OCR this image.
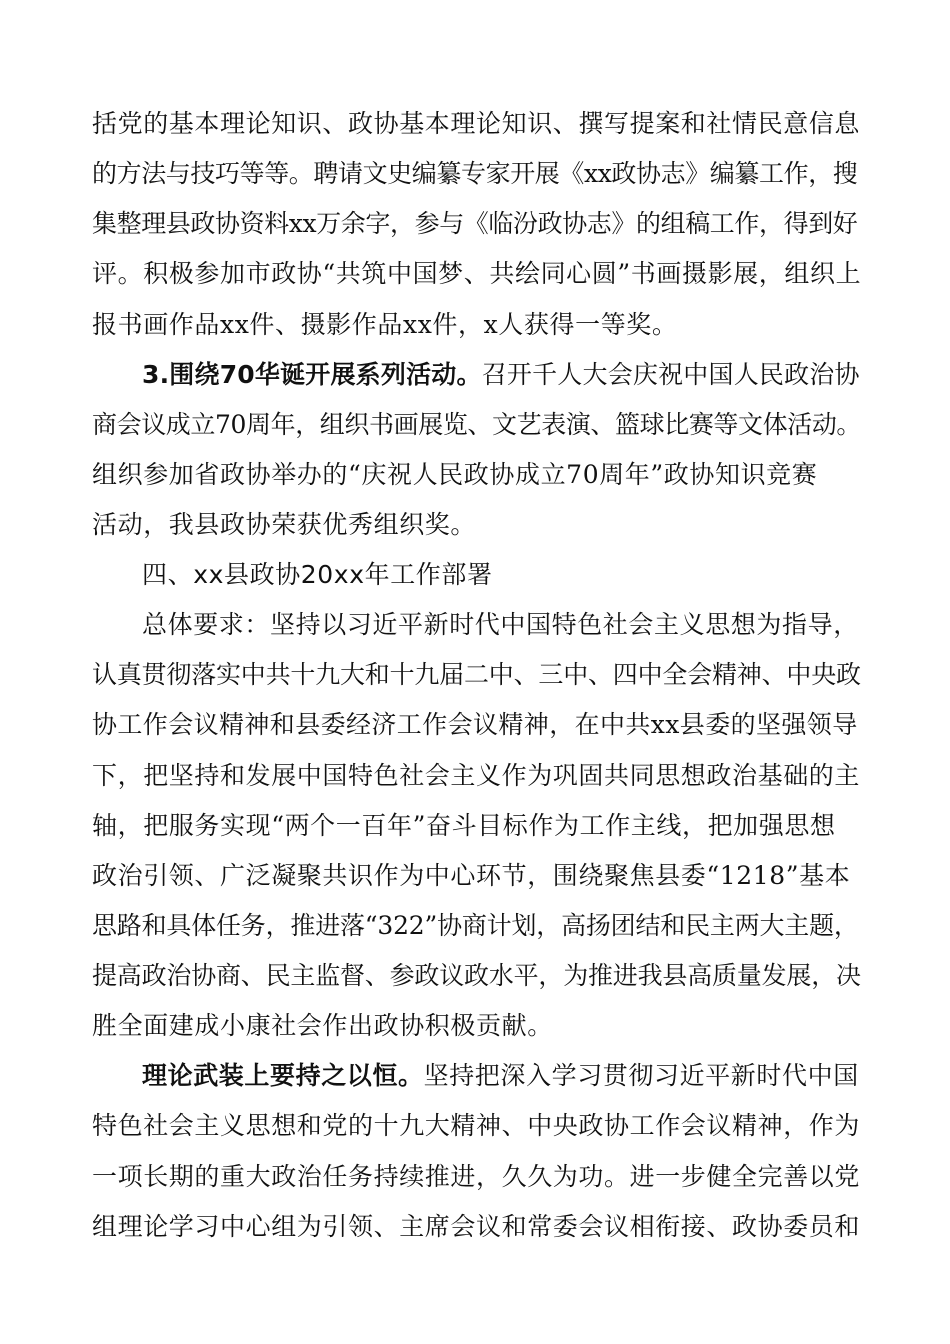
括党的基本理论知识、政协基本理论知识、撰写提案和社情民意信息
的方法与技巧等等。聘请文史编纂专家开展《xx政协志》编纂工作，搜
集整理县政协资料xx万余字，参与《临汾政协志》的组稿工作，得到好
评。积极参加市政协“共筑中国梦、共绘同心圆”书画摄影展，组织上
报书画作品xx件、摄影作品xx件，x人获得一等奖。
3.围绕70华诞开展系列活动。召开千人大会庆祝中国人民政治协
商会议成立70周年，组织书画展览、文艺表演、篮球比赛等文体活动。
组织参加省政协举办的“庆祝人民政协成立70周年”政协知识竞赛
活动，我县政协荣获优秀组织奖。
四、xx县政协20xx年工作部署
总体要求：坚持以习近平新时代中国特色社会主义思想为指导，
认真贯彻落实中共十九大和十九届二中、三中、四中全会精神、中央政
协工作会议精神和县委经济工作会议精神，在中共xx县委的坚强领导
下，把坚持和发展中国特色社会主义作为巩固共同思想政治基础的主
轴，把服务实现“两个一百年”奋斗目标作为工作主线，把加强思想
政治引领、广泛凝聚共识作为中心环节，围绕聚焦县委“1218”基本
思路和具体任务，推进落“322”协商计划，高扬团结和民主两大主题，
提高政治协商、民主监督、参政议政水平，为推进我县高质量发展，决
胜全面建成小康社会作出政协积极贡献。
理论武装上要持之以恒。坚持把深入学习贯彻习近平新时代中国
特色社会主义思想和党的十九大精神、中央政协工作会议精神，作为
一项长期的重大政治任务持续推进，久久为功。进一步健全完善以党
组理论学习中心组为引领、主席会议和常委会议相衔接、政协委员和
